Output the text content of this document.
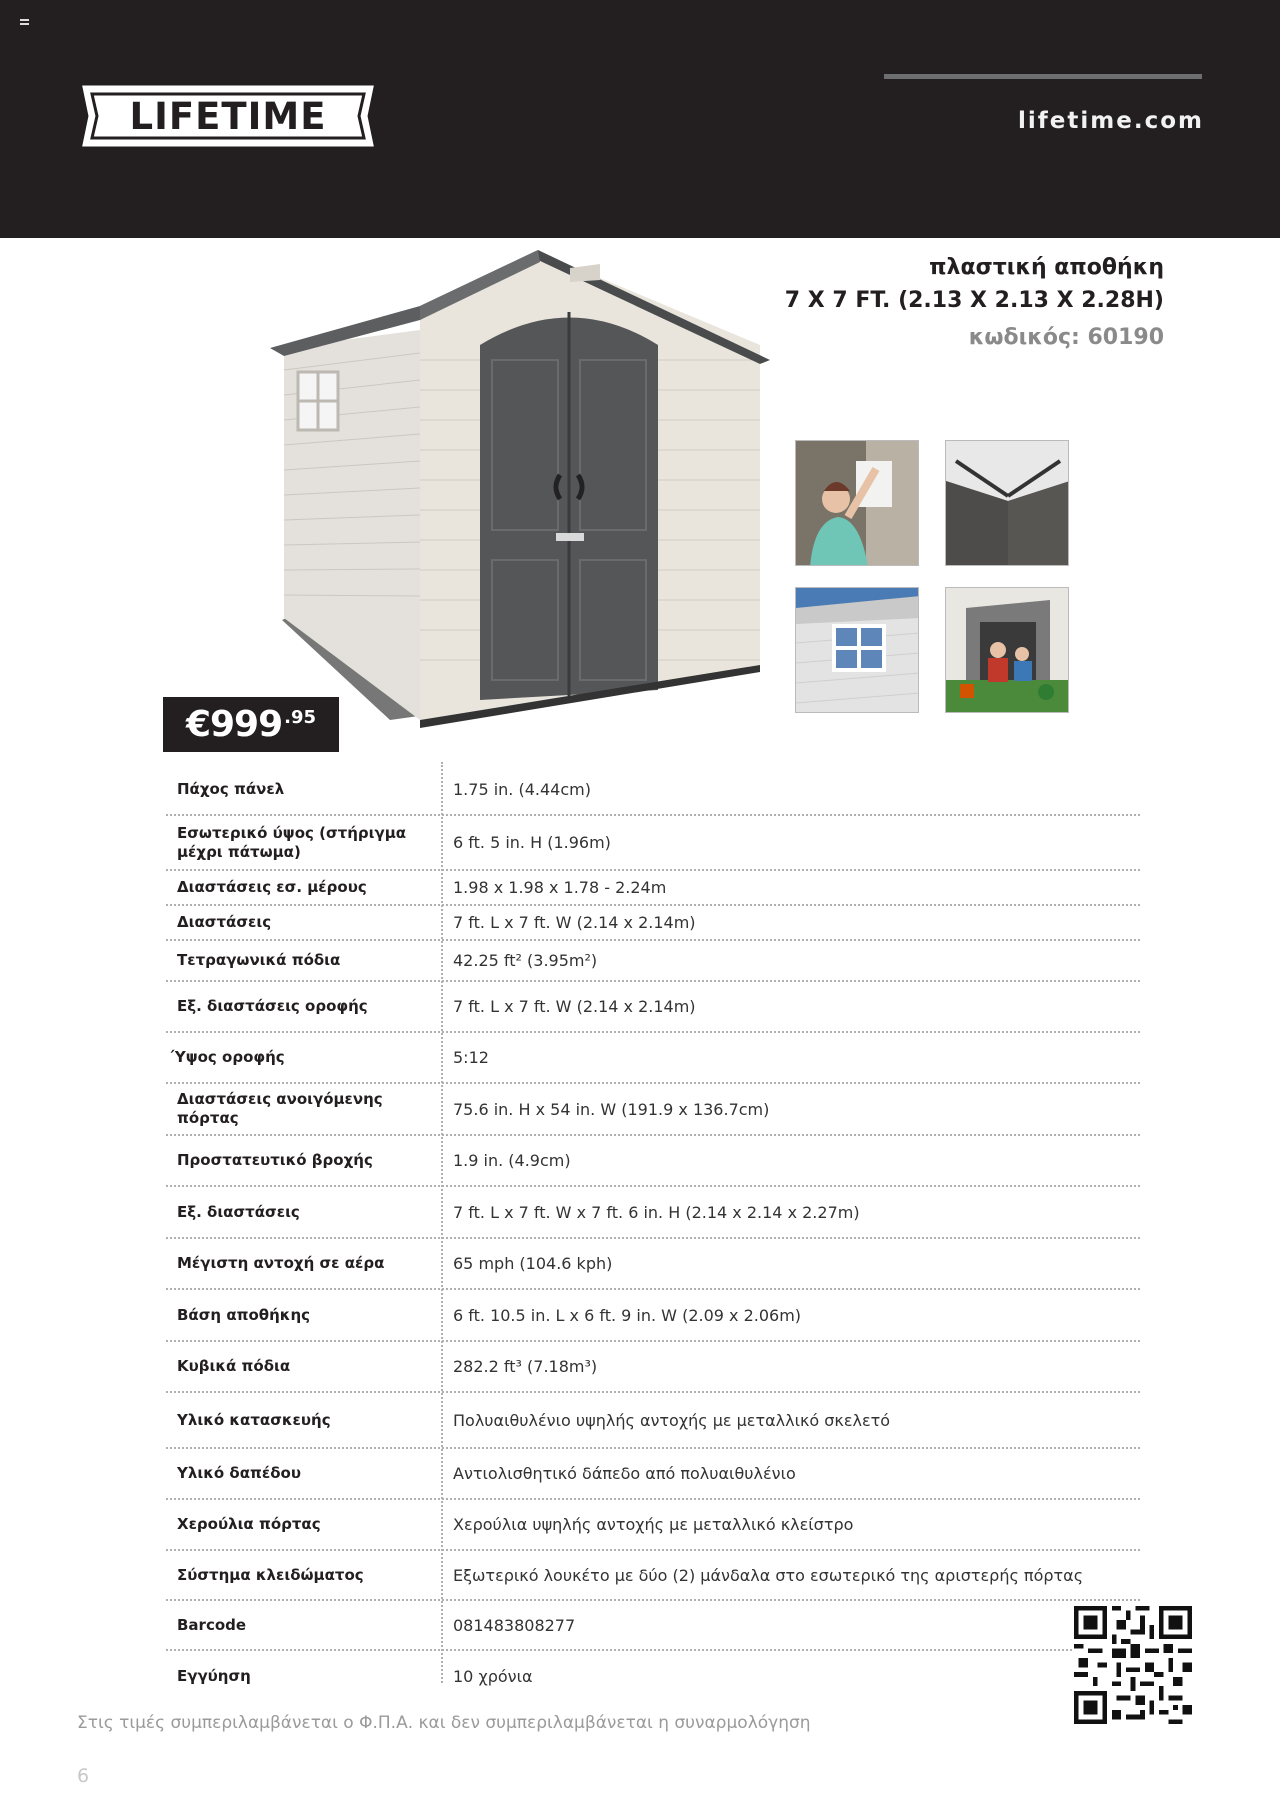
LIFETIME	lifetime.com
πλαστική αποθήκη
7 X 7 FT. (2.13 X 2.13 X 2.28H)
κωδικός: 60190
€999 .95
Πάχος πάνελ	1.75 in. (4.44cm)
Εσωτερικό ύψος (στήριγμα μέχρι πάτωμα)	6 ft. 5 in. H (1.96m)
Διαστάσεις εσ. μέρους	1.98 x 1.98 x 1.78 - 2.24m
Διαστάσεις	7 ft. L x 7 ft. W (2.14 x 2.14m)
Τετραγωνικά πόδια	42.25 ft² (3.95m²)
Εξ. διαστάσεις οροφής	7 ft. L x 7 ft. W (2.14 x 2.14m)
Ύψος οροφής	5:12
Διαστάσεις ανοιγόμενης πόρτας	75.6 in. H x 54 in. W (191.9 x 136.7cm)
Προστατευτικό βροχής	1.9 in. (4.9cm)
Εξ. διαστάσεις	7 ft. L x 7 ft. W x 7 ft. 6 in. H (2.14 x 2.14 x 2.27m)
Μέγιστη αντοχή σε αέρα	65 mph (104.6 kph)
Βάση αποθήκης	6 ft. 10.5 in. L x 6 ft. 9 in. W (2.09 x 2.06m)
Κυβικά πόδια	282.2 ft³ (7.18m³)
Υλικό κατασκευής	Πολυαιθυλένιο υψηλής αντοχής με μεταλλικό σκελετό
Υλικό δαπέδου	Αντιολισθητικό δάπεδο από πολυαιθυλένιο
Χερούλια πόρτας	Χερούλια υψηλής αντοχής με μεταλλικό κλείστρο
Σύστημα κλειδώματος	Εξωτερικό λουκέτο με δύο (2) μάνδαλα στο εσωτερικό της αριστερής πόρτας
Barcode	081483808277
Εγγύηση	10 χρόνια
Στις τιμές συμπεριλαμβάνεται ο Φ.Π.Α. και δεν συμπεριλαμβάνεται η συναρμολόγηση
6
